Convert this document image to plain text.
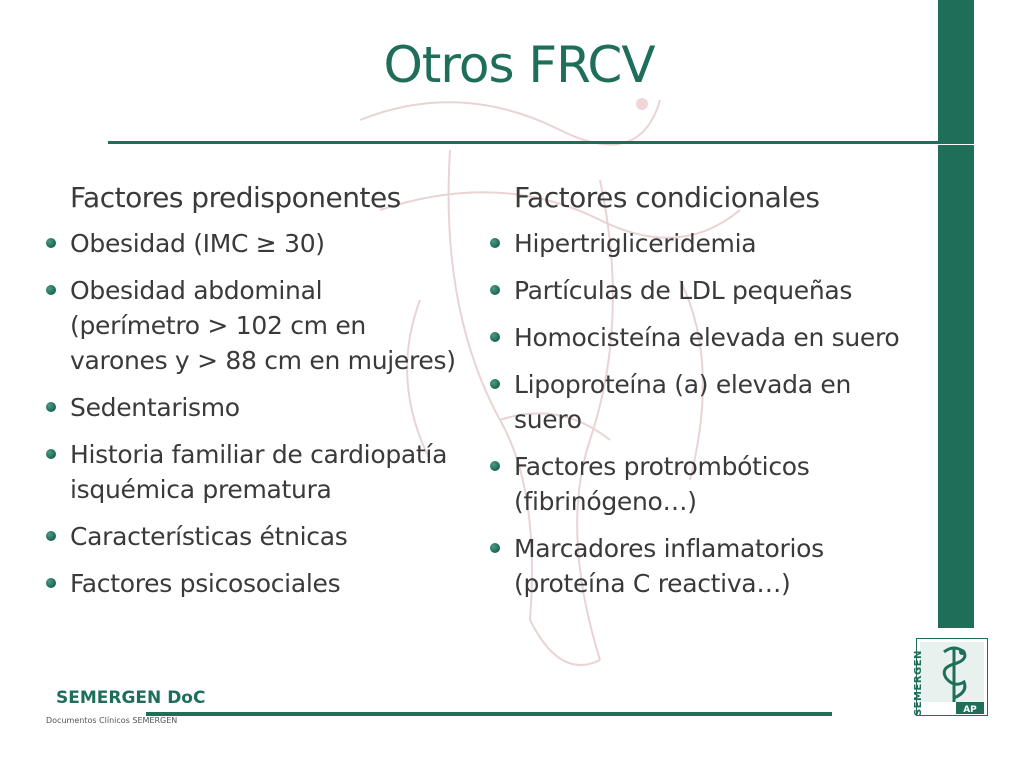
Otros FRCV
Factores predisponentes
Obesidad (IMC ≥ 30)
Obesidad abdominal (perímetro > 102 cm en varones y > 88 cm en mujeres)
Sedentarismo
Historia familiar de cardiopatía isquémica prematura
Características étnicas
Factores psicosociales
Factores condicionales
Hipertrigliceridemia
Partículas de LDL pequeñas
Homocisteína elevada en suero
Lipoproteína (a) elevada en suero
Factores protrombóticos (fibrinógeno…)
Marcadores inflamatorios (proteína C reactiva…)
SEMERGEN DoC
Documentos Clínicos SEMERGEN
AP
SEMERGEN
